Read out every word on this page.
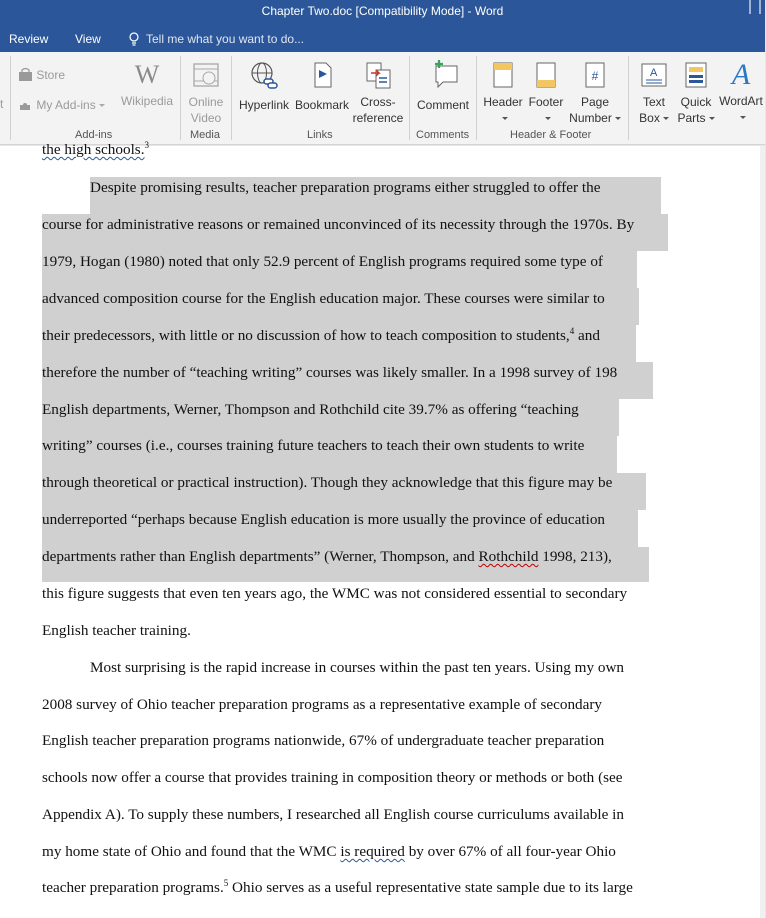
Chapter Two.doc [Compatibility Mode] - Word
Review View	Tell me what you want to do...
t
Store
My Add-ins
W
Wikipedia
Add-ins
Online
Video
Media
Hyperlink Bookmark Cross-
reference
Links
Comment
Comments
Header Footer
#
Page
Number
Header & Footer
A
Text
Box
Quick
Parts
A
WordArt
the high schools.$^3$
Despite promising results, teacher preparation programs either struggled to offer the
course for administrative reasons or remained unconvinced of its necessity through the 1970s. By
1979, Hogan (1980) noted that only 52.9 percent of English programs required some type of
advanced composition course for the English education major. These courses were similar to
their predecessors, with little or no discussion of how to teach composition to students,$^4$ and
therefore the number of “teaching writing” courses was likely smaller. In a 1998 survey of 198
English departments, Werner, Thompson and Rothchild cite 39.7% as offering “teaching
writing” courses (i.e., courses training future teachers to teach their own students to write
through theoretical or practical instruction). Though they acknowledge that this figure may be
underreported “perhaps because English education is more usually the province of education
departments rather than English departments” (Werner, Thompson, and Rothchild 1998, 213),
this figure suggests that even ten years ago, the WMC was not considered essential to secondary
English teacher training.
Most surprising is the rapid increase in courses within the past ten years. Using my own
2008 survey of Ohio teacher preparation programs as a representative example of secondary
English teacher preparation programs nationwide, 67% of undergraduate teacher preparation
schools now offer a course that provides training in composition theory or methods or both (see
Appendix A). To supply these numbers, I researched all English course curriculums available in
my home state of Ohio and found that the WMC is required by over 67% of all four-year Ohio
teacher preparation programs.$^5$ Ohio serves as a useful representative state sample due to its large
